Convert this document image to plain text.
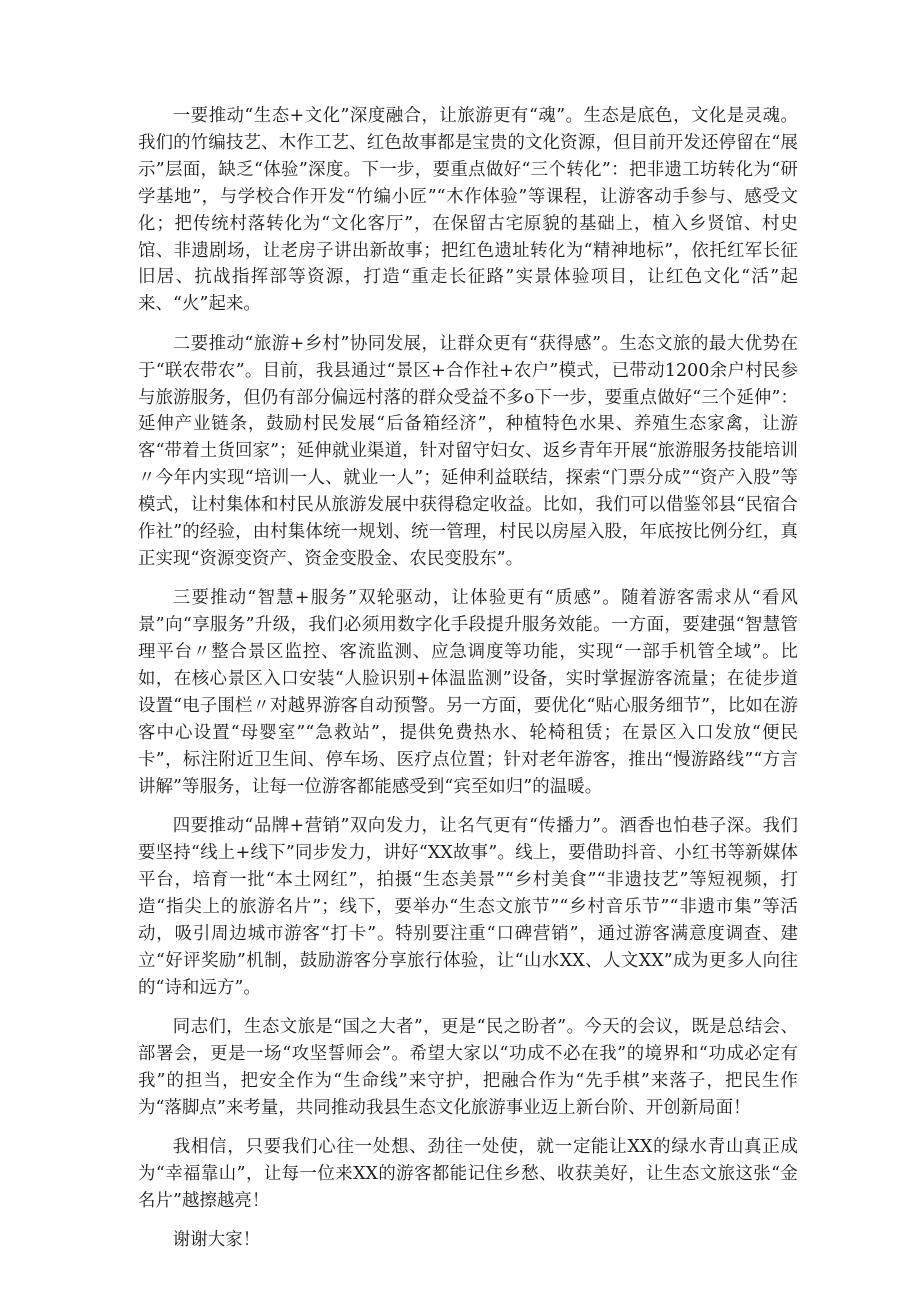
一要推动“生态+文化”深度融合，让旅游更有“魂”。生态是底色，文化是灵魂。我们的竹编技艺、木作工艺、红色故事都是宝贵的文化资源，但目前开发还停留在“展示”层面，缺乏“体验”深度。下一步，要重点做好“三个转化”：把非遗工坊转化为“研学基地”，与学校合作开发“竹编小匠”“木作体验”等课程，让游客动手参与、感受文化；把传统村落转化为“文化客厅”，在保留古宅原貌的基础上，植入乡贤馆、村史馆、非遗剧场，让老房子讲出新故事；把红色遗址转化为“精神地标”，依托红军长征旧居、抗战指挥部等资源，打造“重走长征路”实景体验项目，让红色文化“活”起来、“火”起来。

二要推动“旅游+乡村”协同发展，让群众更有“获得感”。生态文旅的最大优势在于“联农带农”。目前，我县通过“景区+合作社+农户”模式，已带动1200余户村民参与旅游服务，但仍有部分偏远村落的群众受益不多o下一步，要重点做好“三个延伸”：延伸产业链条，鼓励村民发展“后备箱经济”，种植特色水果、养殖生态家禽，让游客“带着土货回家”；延伸就业渠道，针对留守妇女、返乡青年开展“旅游服务技能培训〃今年内实现“培训一人、就业一人”；延伸利益联结，探索“门票分成”“资产入股”等模式，让村集体和村民从旅游发展中获得稳定收益。比如，我们可以借鉴邻县“民宿合作社”的经验，由村集体统一规划、统一管理，村民以房屋入股，年底按比例分红，真正实现“资源变资产、资金变股金、农民变股东”。

三要推动“智慧+服务”双轮驱动，让体验更有“质感”。随着游客需求从“看风景”向“享服务”升级，我们必须用数字化手段提升服务效能。一方面，要建强“智慧管理平台〃整合景区监控、客流监测、应急调度等功能，实现“一部手机管全域”。比如，在核心景区入口安装“人脸识别+体温监测”设备，实时掌握游客流量；在徒步道设置“电子围栏〃对越界游客自动预警。另一方面，要优化“贴心服务细节”，比如在游客中心设置“母婴室”“急救站”，提供免费热水、轮椅租赁；在景区入口发放“便民卡”，标注附近卫生间、停车场、医疗点位置；针对老年游客，推出“慢游路线”“方言讲解”等服务，让每一位游客都能感受到“宾至如归”的温暖。

四要推动“品牌+营销”双向发力，让名气更有“传播力”。酒香也怕巷子深。我们要坚持“线上+线下”同步发力，讲好“XX故事”。线上，要借助抖音、小红书等新媒体平台，培育一批“本土网红”，拍摄“生态美景”“乡村美食”“非遗技艺”等短视频，打造“指尖上的旅游名片”；线下，要举办“生态文旅节”“乡村音乐节”“非遗市集”等活动，吸引周边城市游客“打卡”。特别要注重“口碑营销”，通过游客满意度调查、建立“好评奖励”机制，鼓励游客分享旅行体验，让“山水XX、人文XX”成为更多人向往的“诗和远方”。

同志们，生态文旅是“国之大者”，更是“民之盼者”。今天的会议，既是总结会、部署会，更是一场“攻坚誓师会”。希望大家以“功成不必在我”的境界和“功成必定有我”的担当，把安全作为“生命线”来守护，把融合作为“先手棋”来落子，把民生作为“落脚点”来考量，共同推动我县生态文化旅游事业迈上新台阶、开创新局面！

我相信，只要我们心往一处想、劲往一处使，就一定能让XX的绿水青山真正成为“幸福靠山”，让每一位来XX的游客都能记住乡愁、收获美好，让生态文旅这张“金名片”越擦越亮！

谢谢大家！
